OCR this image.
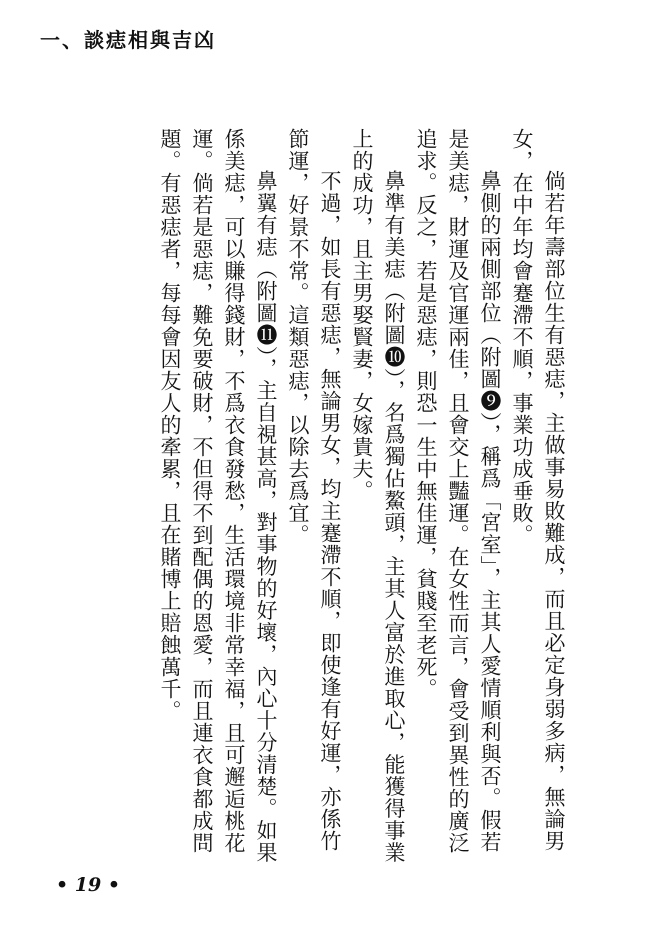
一、談痣相與吉凶

倘若年壽部位生有惡痣，主做事易敗難成，而且必定身弱多病，無論男女，在中年均會蹇滯不順，事業功成垂敗。

鼻側的兩側部位（附圖❾），稱爲「宮室」，主其人愛情順利與否。假若是美痣，財運及官運兩佳，且會交上豔運。在女性而言，會受到異性的廣泛追求。反之，若是惡痣，則恐一生中無佳運，貧賤至老死。

鼻準有美痣（附圖❿），名爲獨佔鰲頭，主其人富於進取心，能獲得事業上的成功，且主男娶賢妻，女嫁貴夫。

不過，如長有惡痣，無論男女，均主蹇滯不順，即使逢有好運，亦係竹節運，好景不常。這類惡痣，以除去爲宜。

鼻翼有痣（附圖⓫），主自視甚高，對事物的好壞，內心十分清楚。如果係美痣，可以賺得錢財，不爲衣食發愁，生活環境非常幸福，且可邂逅桃花運。倘若是惡痣，難免要破財，不但得不到配偶的恩愛，而且連衣食都成問題。有惡痣者，每每會因友人的牽累，且在賭博上賠蝕萬千。

• 19 •
